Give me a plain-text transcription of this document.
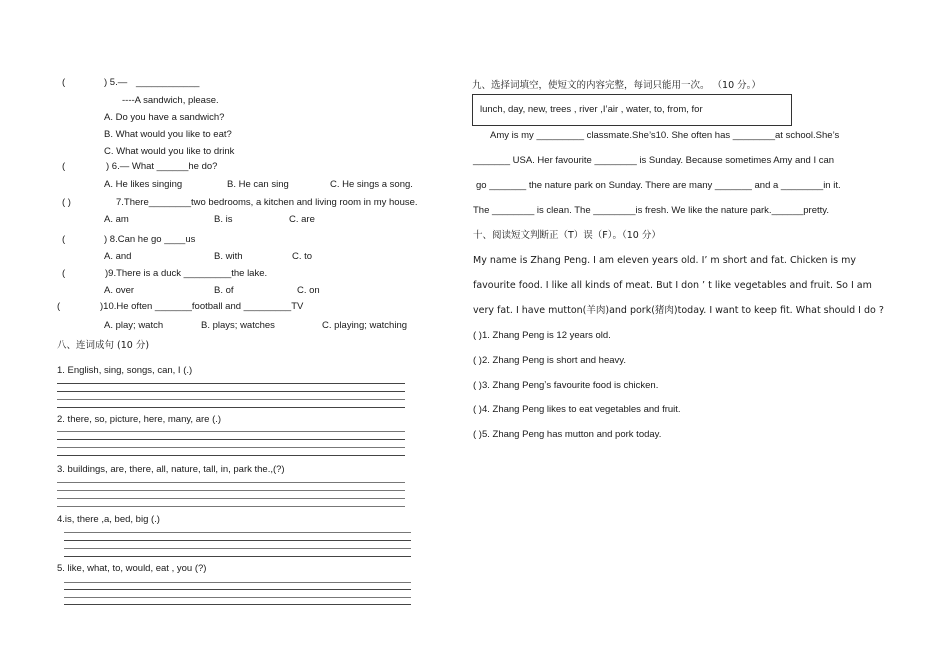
(	) 5.— ____________
----A sandwich, please.
A. Do you have a sandwich?
B. What would you like to eat?
C. What would you like to drink
(	) 6.— What ______he do?
A. He likes singing	B. He can sing	C. He sings a song.
( )	7.There________two bedrooms, a kitchen and living room in my house.
A. am	B. is	C. are
(	) 8.Can he go ____us
A. and	B. with	C. to
(	)9.There is a duck _________the lake.
A. over	B. of	C. on
(	)10.He often _______football and _________TV
A. play; watch	B. plays; watches	C. playing; watching
八、连词成句 (10 分)
1. English, sing, songs, can, I (.)
2. there, so, picture, here, many, are (.)
3. buildings, are, there, all, nature, tall, in, park the.,(?)
4.is, there ,a, bed, big (.)
5. like, what, to, would, eat , you (?)
九、选择词填空，使短文的内容完整，每词只能用一次。 （10 分。）
lunch, day, new, trees , river ,I’air , water, to, from, for
Amy is my _________ classmate.She’s10. She often has ________at school.She’s
_______ USA. Her favourite ________ is Sunday. Because sometimes Amy and I can
go _______ the nature park on Sunday. There are many _______ and a ________in it.
The ________ is clean. The ________is fresh. We like the nature park.______pretty.
十、阅读短文判断正（T）误（F）。（10 分）
My name is Zhang Peng. I am eleven years old. I’ m short and fat. Chicken is my
favourite food. I like all kinds of meat. But I don ’ t like vegetables and fruit. So I am
very fat. I have mutton(羊肉)and pork(猪肉)today. I want to keep fit. What should I do ?
( )1. Zhang Peng is 12 years old.
( )2. Zhang Peng is short and heavy.
( )3. Zhang Pengʼs favourite food is chicken.
( )4. Zhang Peng likes to eat vegetables and fruit.
( )5. Zhang Peng has mutton and pork today.
